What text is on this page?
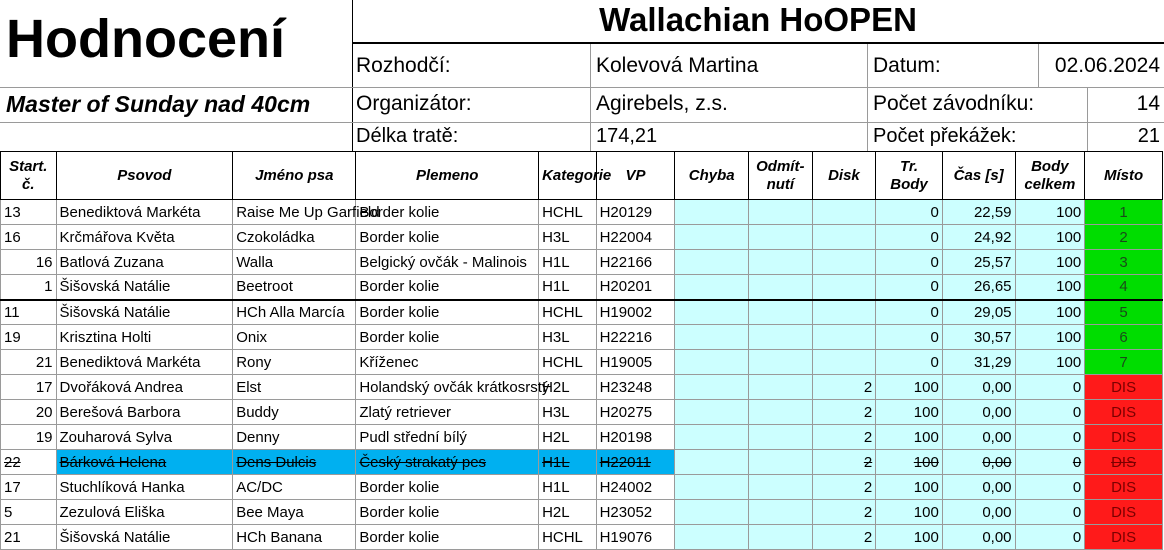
Hodnocení
Master of Sunday nad 40cm
Wallachian HoOPEN
Rozhodčí:	Kolevová Martina	Datum:	02.06.2024
Organizátor:	Agirebels, z.s.	Počet závodníku:	14
Délka tratě:	174,21	Počet překážek:	21
Start. č.	Psovod	Jméno psa	Plemeno	Kategorie	VP	Chyba	Odmít-nutí	Disk	Tr. Body	Čas [s]	Body celkem	Místo
13	Benediktová Markéta	Raise Me Up Garfield	Border kolie	HCHL	H20129				0	22,59	100	1
16	Krčmářova Květa	Czokoládka	Border kolie	H3L	H22004				0	24,92	100	2
16	Batlová Zuzana	Walla	Belgický ovčák - Malinois	H1L	H22166				0	25,57	100	3
1	Šišovská Natálie	Beetroot	Border kolie	H1L	H20201				0	26,65	100	4
11	Šišovská Natálie	HCh Alla Marcía	Border kolie	HCHL	H19002				0	29,05	100	5
19	Krisztina Holti	Onix	Border kolie	H3L	H22216				0	30,57	100	6
21	Benediktová Markéta	Rony	Kříženec	HCHL	H19005				0	31,29	100	7
17	Dvořáková Andrea	Elst	Holandský ovčák krátkosrstý	H2L	H23248			2	100	0,00	0	DIS
20	Berešová Barbora	Buddy	Zlatý retriever	H3L	H20275			2	100	0,00	0	DIS
19	Zouharová Sylva	Denny	Pudl střední bílý	H2L	H20198			2	100	0,00	0	DIS
22	Bárková Helena	Dens Dulcis	Český strakatý pes	H1L	H22011			2	100	0,00	0	DIS
17	Stuchlíková Hanka	AC/DC	Border kolie	H1L	H24002			2	100	0,00	0	DIS
5	Zezulová Eliška	Bee Maya	Border kolie	H2L	H23052			2	100	0,00	0	DIS
21	Šišovská Natálie	HCh Banana	Border kolie	HCHL	H19076			2	100	0,00	0	DIS
